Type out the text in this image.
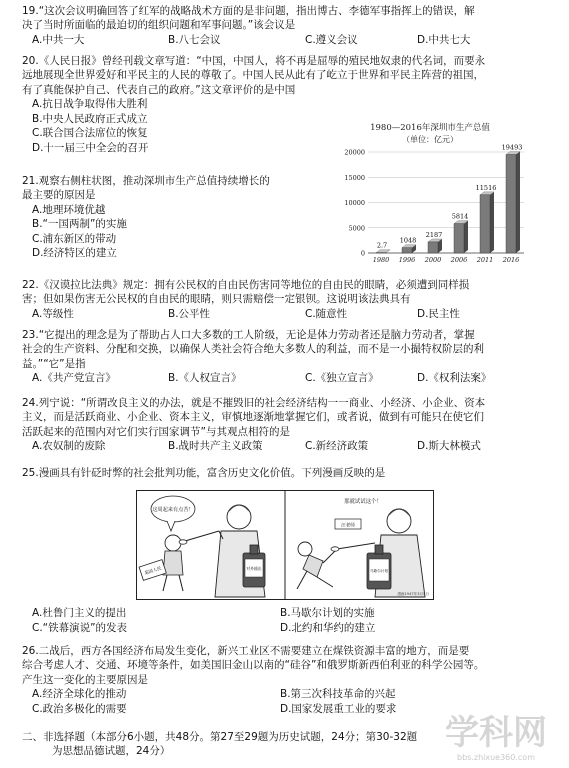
19.“这次会议明确回答了红军的战略战术方面的是非问题，指出博古、李德军事指挥上的错误，解
决了当时所面临的最迫切的组织问题和军事问题。”该会议是
A.中共一大	B.八七会议	C.遵义会议	D.中共七大
20.《人民日报》曾经刊载文章写道：“中国，中国人，将不再是屈辱的殖民地奴隶的代名词，而要永
远地展现全世界爱好和平民主的人民的尊敬了。中国人民从此有了屹立于世界和平民主阵营的祖国，
有了真能保护自己、代表自己的政府。”这文章评价的是中国
A.抗日战争取得伟大胜利
B.中央人民政府正式成立
C.联合国合法席位的恢复
D.十一届三中全会的召开
21.观察右侧柱状图，推动深圳市生产总值持续增长的
最主要的原因是
A.地理环境优越
B.“一国两制”的实施
C.浦东新区的带动
D.经济特区的建立
1980—2016年深圳市生产总值
（单位：亿元）
0
5000
10000
15000
20000
2.7
1980
1048
1996
2187
2000
5814
2006
11516
2011
19493
2016
22.《汉谟拉比法典》规定：拥有公民权的自由民伤害同等地位的自由民的眼睛，必须遭到同样损
害；但如果伤害无公民权的自由民的眼睛，则只需赔偿一定银钡。这说明该法典具有
A.等级性	B.公平性	C.随意性	D.民主性
23.“它提出的理念是为了帮助占人口大多数的工人阶级，无论是体力劳动者还是脑力劳动者，掌握
社会的生产资料、分配和交换，以确保人类社会符合绝大多数人的利益，而不是一小撮特权阶层的利
益。”“它”是指
A.《共产党宣言》	B.《人权宣言》	C.《独立宣言》	D.《权利法案》
24.列宁说：“所谓改良主义的办法，就是不摧毁旧的社会经济结构一一商业、小经济、小企业、资本
主义，而是活跃商业、小企业、资本主义，审慎地逐渐地掌握它们，或者说，做到有可能只在使它们
活跃起来的范围内对它们实行国家调节”与其观点相符的是
A.农奴制的废除	B.战时共产主义政策	C.新经济政策	D.斯大林模式
25.漫画具有针砭时弊的社会批判功能，富含历史文化价值。下列漫画反映的是
这周起来有点苦！
某国人民	对外输出
那就试试这个！
汪老师
马歇尔计划
漫画1947年3月5日
A.杜鲁门主义的提出	B.马歇尔计划的实施
C.“铁幕演说”的发表	D.北约和华约的建立
26.二战后，西方各国经济布局发生变化，新兴工业区不需要建立在煤铁资源丰富的地方，而是要
综合考虑人才、交通、环境等条件，如美国旧金山以南的“硅谷”和俄罗斯新西伯利亚的科学公园等。
产生这一变化的主要原因是
A.经济全球化的推动	B.第三次科技革命的兴起
C.政治多极化的需要	D.国家发展重工业的要求
二、非选择题（本部分6小题，共48分。第27至29题为历史试题，24分；第30-32题
为思想品德试题，24分）	学科网
bbs.zhixue360.com
